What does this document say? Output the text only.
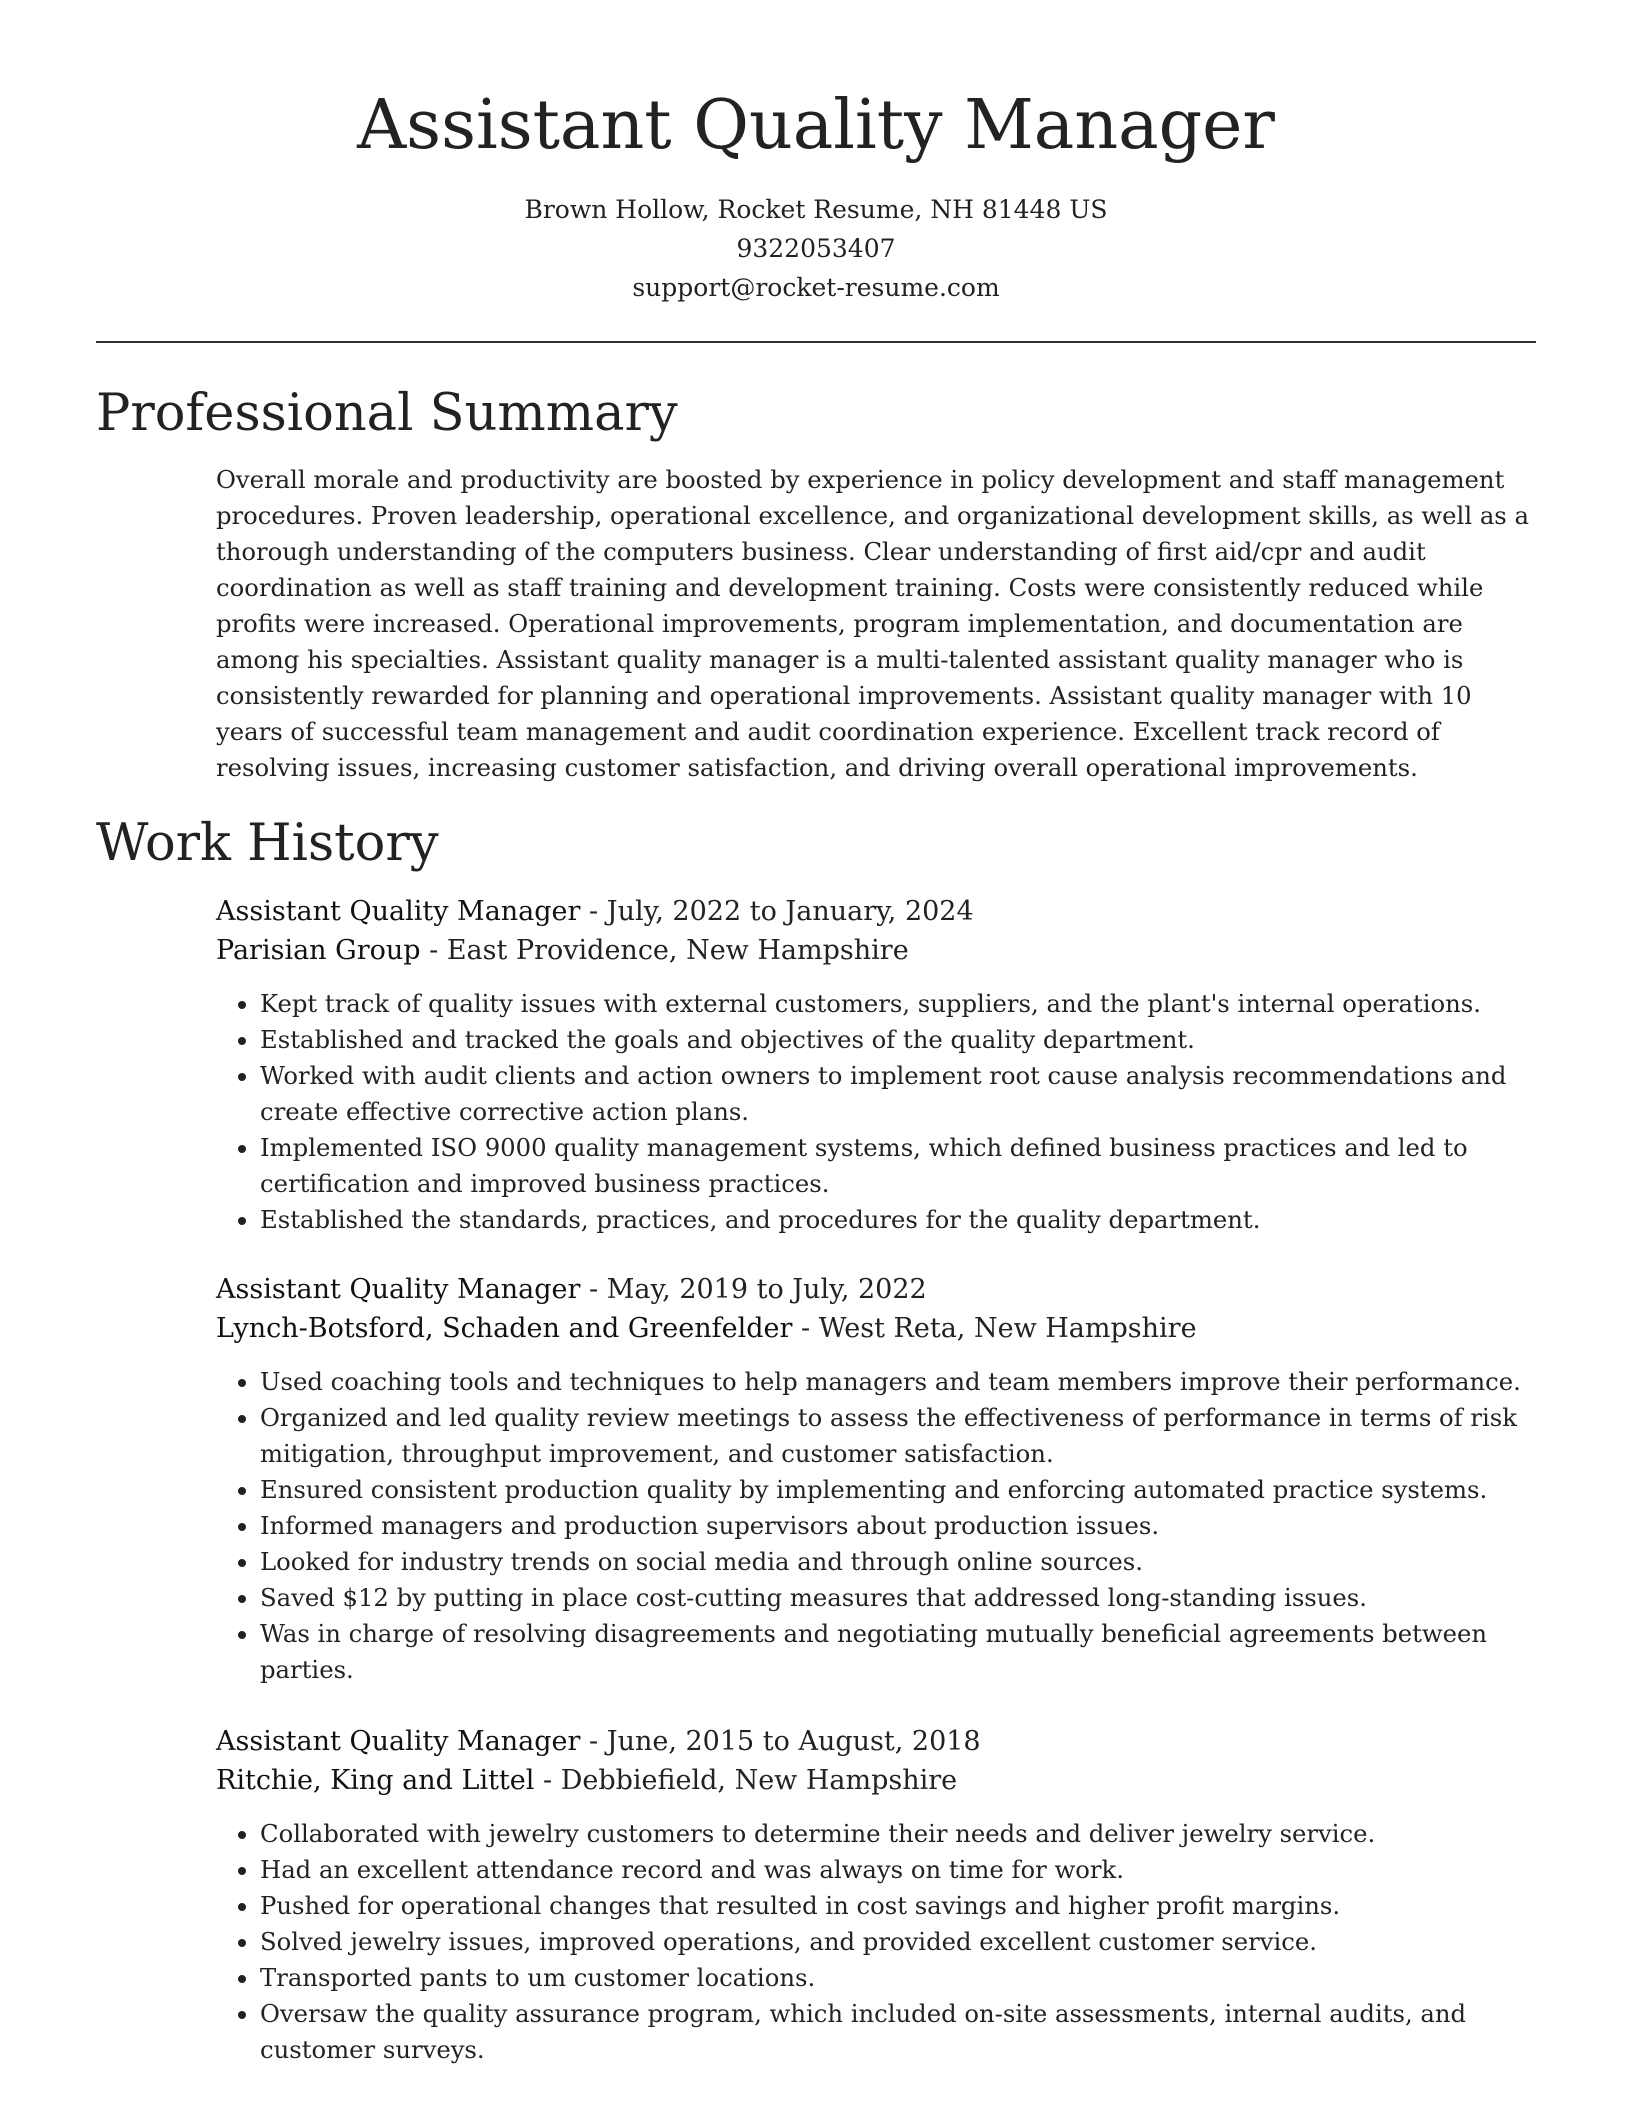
Assistant Quality Manager
Brown Hollow, Rocket Resume, NH 81448 US
9322053407
support@rocket-resume.com
Professional Summary

Overall morale and productivity are boosted by experience in policy development and staff management procedures. Proven leadership, operational excellence, and organizational development skills, as well as a thorough understanding of the computers business. Clear understanding of first aid/cpr and audit coordination as well as staff training and development training. Costs were consistently reduced while profits were increased. Operational improvements, program implementation, and documentation are among his specialties. Assistant quality manager is a multi-talented assistant quality manager who is consistently rewarded for planning and operational improvements. Assistant quality manager with 10 years of successful team management and audit coordination experience. Excellent track record of resolving issues, increasing customer satisfaction, and driving overall operational improvements.

Work History
Assistant Quality Manager - July, 2022 to January, 2024
Parisian Group - East Providence, New Hampshire
• Kept track of quality issues with external customers, suppliers, and the plant's internal operations.
• Established and tracked the goals and objectives of the quality department.
• Worked with audit clients and action owners to implement root cause analysis recommendations and create effective corrective action plans.
• Implemented ISO 9000 quality management systems, which defined business practices and led to certification and improved business practices.
• Established the standards, practices, and procedures for the quality department.
Assistant Quality Manager - May, 2019 to July, 2022
Lynch-Botsford, Schaden and Greenfelder - West Reta, New Hampshire
• Used coaching tools and techniques to help managers and team members improve their performance.
• Organized and led quality review meetings to assess the effectiveness of performance in terms of risk mitigation, throughput improvement, and customer satisfaction.
• Ensured consistent production quality by implementing and enforcing automated practice systems.
• Informed managers and production supervisors about production issues.
• Looked for industry trends on social media and through online sources.
• Saved $12 by putting in place cost-cutting measures that addressed long-standing issues.
• Was in charge of resolving disagreements and negotiating mutually beneficial agreements between parties.
Assistant Quality Manager - June, 2015 to August, 2018
Ritchie, King and Littel - Debbiefield, New Hampshire
• Collaborated with jewelry customers to determine their needs and deliver jewelry service.
• Had an excellent attendance record and was always on time for work.
• Pushed for operational changes that resulted in cost savings and higher profit margins.
• Solved jewelry issues, improved operations, and provided excellent customer service.
• Transported pants to um customer locations.
• Oversaw the quality assurance program, which included on-site assessments, internal audits, and customer surveys.
